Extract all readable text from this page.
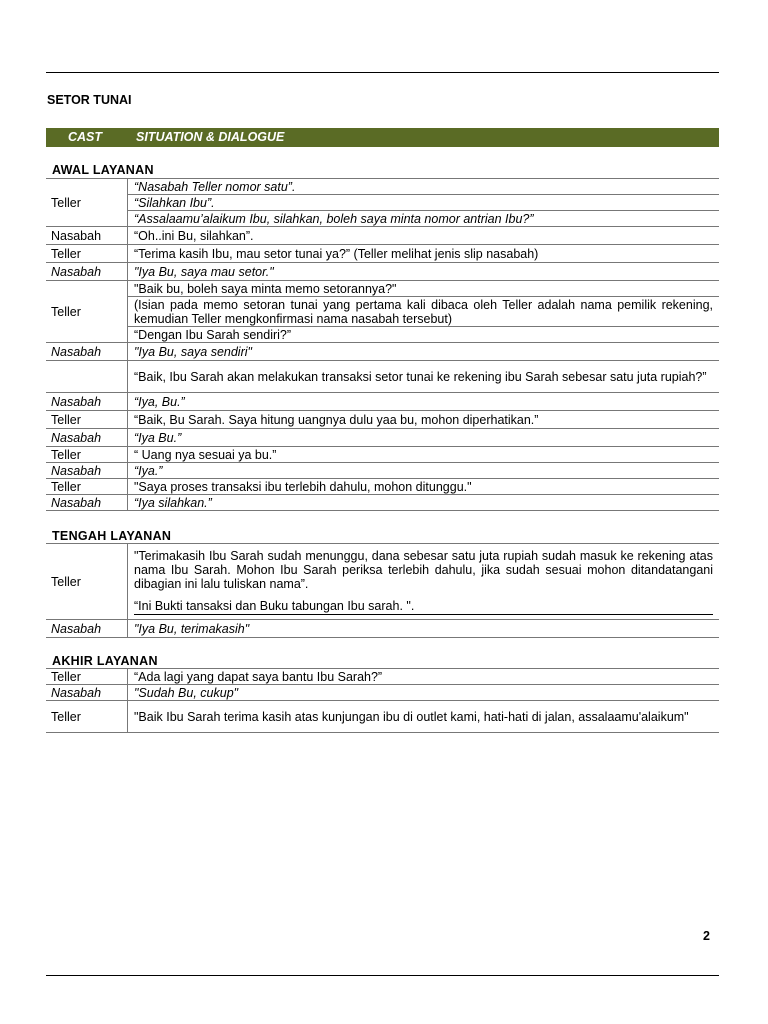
SETOR TUNAI
CAST	SITUATION & DIALOGUE
AWAL LAYANAN
Teller	“Nasabah Teller nomor satu”.
	“Silahkan Ibu”.
	“Assalaamu’alaikum Ibu, silahkan, boleh saya minta nomor antrian Ibu?”
Nasabah	“Oh..ini Bu, silahkan”.
Teller	“Terima kasih Ibu, mau setor tunai ya?” (Teller melihat jenis slip nasabah)
Nasabah	"Iya Bu, saya mau setor."
Teller	"Baik bu, boleh saya minta memo setorannya?"
	(Isian pada memo setoran tunai yang pertama kali dibaca oleh Teller adalah nama pemilik rekening, kemudian Teller mengkonfirmasi nama nasabah tersebut)
	“Dengan Ibu Sarah sendiri?”
Nasabah	"Iya Bu, saya sendiri"
	“Baik, Ibu Sarah akan melakukan transaksi setor tunai ke rekening ibu Sarah sebesar satu juta rupiah?”
Nasabah	“Iya, Bu.”
Teller	“Baik, Bu Sarah. Saya hitung uangnya dulu yaa bu, mohon diperhatikan.”
Nasabah	“Iya Bu.”
Teller	“ Uang nya sesuai ya bu.”
Nasabah	“Iya.”
Teller	"Saya proses transaksi ibu terlebih dahulu, mohon ditunggu."
Nasabah	“Iya silahkan.”
TENGAH LAYANAN
Teller	"Terimakasih Ibu Sarah sudah menunggu, dana sebesar satu juta rupiah sudah masuk ke rekening atas nama Ibu Sarah. Mohon Ibu Sarah periksa terlebih dahulu, jika sudah sesuai mohon ditandatangani dibagian ini lalu tuliskan nama”.
“Ini Bukti tansaksi dan Buku tabungan Ibu sarah. ".

Nasabah	"Iya Bu, terimakasih"
AKHIR LAYANAN
Teller	“Ada lagi yang dapat saya bantu Ibu Sarah?”
Nasabah	"Sudah Bu, cukup"
Teller	"Baik Ibu Sarah terima kasih atas kunjungan ibu di outlet kami, hati-hati di jalan, assalaamu'alaikum"
2
